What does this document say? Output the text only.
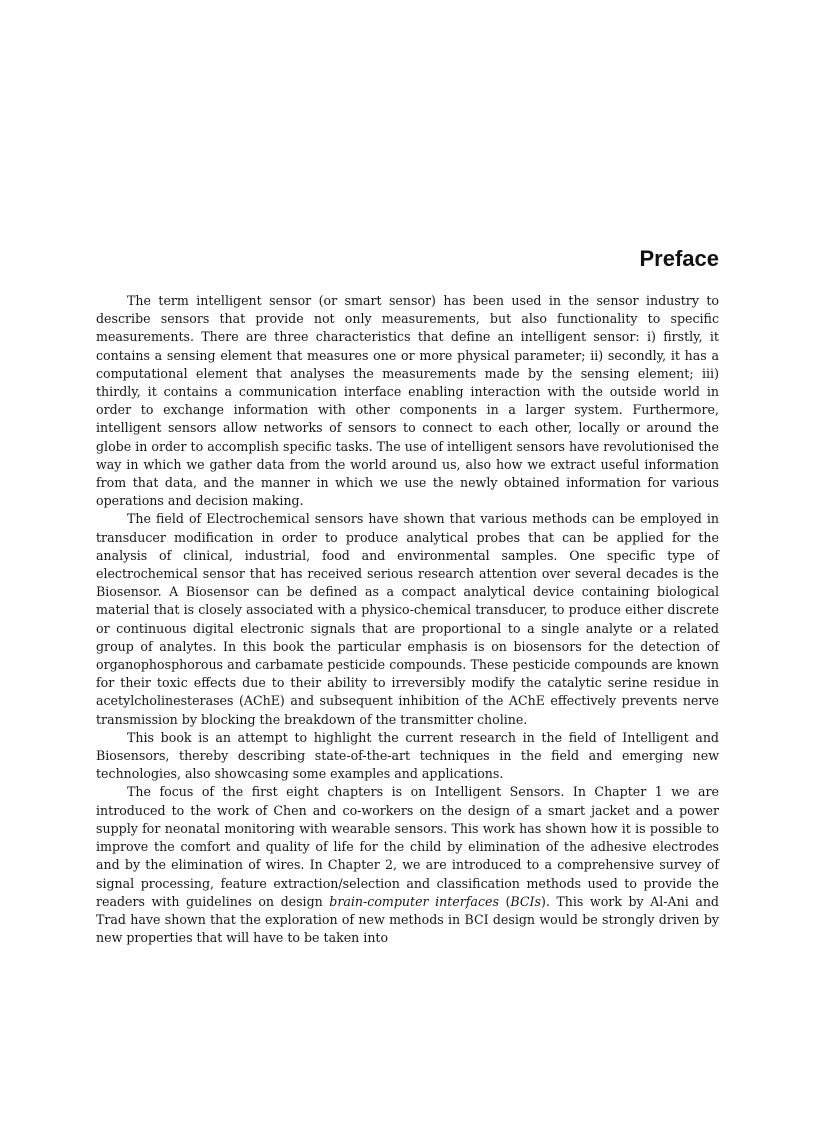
Preface

The term intelligent sensor (or smart sensor) has been used in the sensor industry to describe sensors that provide not only measurements, but also functionality to specific measurements. There are three characteristics that define an intelligent sensor: i) firstly, it contains a sensing element that measures one or more physical parameter; ii) secondly, it has a computational element that analyses the measurements made by the sensing element; iii) thirdly, it contains a communication interface enabling interaction with the outside world in order to exchange information with other components in a larger system. Furthermore, intelligent sensors allow networks of sensors to connect to each other, locally or around the globe in order to accomplish specific tasks. The use of intelligent sensors have revolutionised the way in which we gather data from the world around us, also how we extract useful information from that data, and the manner in which we use the newly obtained information for various operations and decision making.

The field of Electrochemical sensors have shown that various methods can be employed in transducer modification in order to produce analytical probes that can be applied for the analysis of clinical, industrial, food and environmental samples. One specific type of electrochemical sensor that has received serious research attention over several decades is the Biosensor. A Biosensor can be defined as a compact analytical device containing biological material that is closely associated with a physico-chemical transducer, to produce either discrete or continuous digital electronic signals that are proportional to a single analyte or a related group of analytes. In this book the particular emphasis is on biosensors for the detection of organophosphorous and carbamate pesticide compounds. These pesticide compounds are known for their toxic effects due to their ability to irreversibly modify the catalytic serine residue in acetylcholinesterases (AChE) and subsequent inhibition of the AChE effectively prevents nerve transmission by blocking the breakdown of the transmitter choline.

This book is an attempt to highlight the current research in the field of Intelligent and Biosensors, thereby describing state-of-the-art techniques in the field and emerging new technologies, also showcasing some examples and applications.

The focus of the first eight chapters is on Intelligent Sensors. In Chapter 1 we are introduced to the work of Chen and co-workers on the design of a smart jacket and a power supply for neonatal monitoring with wearable sensors. This work has shown how it is possible to improve the comfort and quality of life for the child by elimination of the adhesive electrodes and by the elimination of wires. In Chapter 2, we are introduced to a comprehensive survey of signal processing, feature extraction/selection and classification methods used to provide the readers with guidelines on design brain-computer interfaces (BCIs). This work by Al-Ani and Trad have shown that the exploration of new methods in BCI design would be strongly driven by new properties that will have to be taken into
